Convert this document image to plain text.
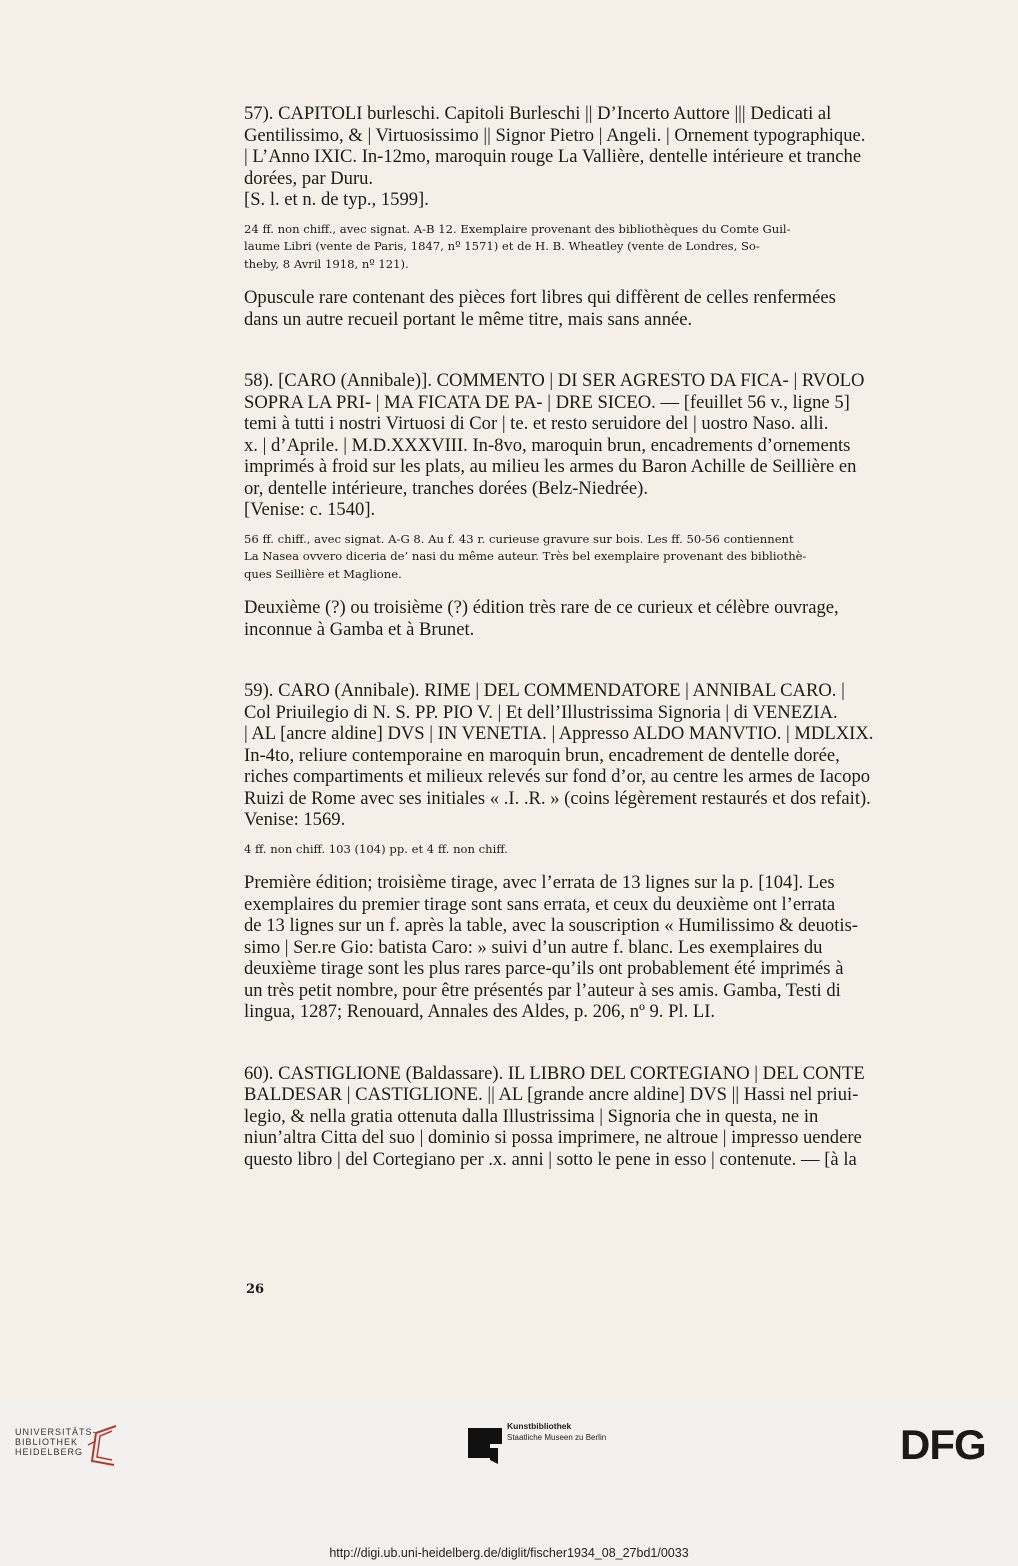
57). CAPITOLI burleschi. Capitoli Burleschi || D’Incerto Auttore ||| Dedicati al
Gentilissimo, & | Virtuosissimo || Signor Pietro | Angeli. | Ornement typographique.
| L’Anno IXIC. In-12mo, maroquin rouge La Vallière, dentelle intérieure et tranche
dorées, par Duru.
[S. l. et n. de typ., 1599].
24 ff. non chiff., avec signat. A-B 12. Exemplaire provenant des bibliothèques du Comte Guil-
laume Libri (vente de Paris, 1847, nº 1571) et de H. B. Wheatley (vente de Londres, So-
theby, 8 Avril 1918, nº 121).
Opuscule rare contenant des pièces fort libres qui diffèrent de celles renfermées
dans un autre recueil portant le même titre, mais sans année.
58). [CARO (Annibale)]. COMMENTO | DI SER AGRESTO DA FICA- | RVOLO
SOPRA LA PRI- | MA FICATA DE PA- | DRE SICEO. — [feuillet 56 v., ligne 5]
temi à tutti i nostri Virtuosi di Cor | te. et resto seruidore del | uostro Naso. alli.
x. | d’Aprile. | M.D.XXXVIII. In-8vo, maroquin brun, encadrements d’ornements
imprimés à froid sur les plats, au milieu les armes du Baron Achille de Seillière en
or, dentelle intérieure, tranches dorées (Belz-Niedrée).
[Venise: c. 1540].
56 ff. chiff., avec signat. A-G 8. Au f. 43 r. curieuse gravure sur bois. Les ff. 50-56 contiennent
La Nasea ovvero diceria de’ nasi du même auteur. Très bel exemplaire provenant des bibliothè-
ques Seillière et Maglione.
Deuxième (?) ou troisième (?) édition très rare de ce curieux et célèbre ouvrage,
inconnue à Gamba et à Brunet.
59). CARO (Annibale). RIME | DEL COMMENDATORE | ANNIBAL CARO. |
Col Priuilegio di N. S. PP. PIO V. | Et dell’Illustrissima Signoria | di VENEZIA.
| AL [ancre aldine] DVS | IN VENETIA. | Appresso ALDO MANVTIO. | MDLXIX.
In-4to, reliure contemporaine en maroquin brun, encadrement de dentelle dorée,
riches compartiments et milieux relevés sur fond d’or, au centre les armes de Iacopo
Ruizi de Rome avec ses initiales « .I. .R. » (coins légèrement restaurés et dos refait).
Venise: 1569.
4 ff. non chiff. 103 (104) pp. et 4 ff. non chiff.
Première édition; troisième tirage, avec l’errata de 13 lignes sur la p. [104]. Les
exemplaires du premier tirage sont sans errata, et ceux du deuxième ont l’errata
de 13 lignes sur un f. après la table, avec la souscription « Humilissimo & deuotis-
simo | Ser.re Gio: batista Caro: » suivi d’un autre f. blanc. Les exemplaires du
deuxième tirage sont les plus rares parce-qu’ils ont probablement été imprimés à
un très petit nombre, pour être présentés par l’auteur à ses amis. Gamba, Testi di
lingua, 1287; Renouard, Annales des Aldes, p. 206, nº 9. Pl. LI.
60). CASTIGLIONE (Baldassare). IL LIBRO DEL CORTEGIANO | DEL CONTE
BALDESAR | CASTIGLIONE. || AL [grande ancre aldine] DVS || Hassi nel priui-
legio, & nella gratia ottenuta dalla Illustrissima | Signoria che in questa, ne in
niun’altra Citta del suo | dominio si possa imprimere, ne altroue | impresso uendere
questo libro | del Cortegiano per .x. anni | sotto le pene in esso | contenute. — [à la
26
UNIVERSITÄTS-
BIBLIOTHEK
HEIDELBERG
Kunstbibliothek
Staatliche Museen zu Berlin	DFG
http://digi.ub.uni-heidelberg.de/diglit/fischer1934_08_27bd1/0033
